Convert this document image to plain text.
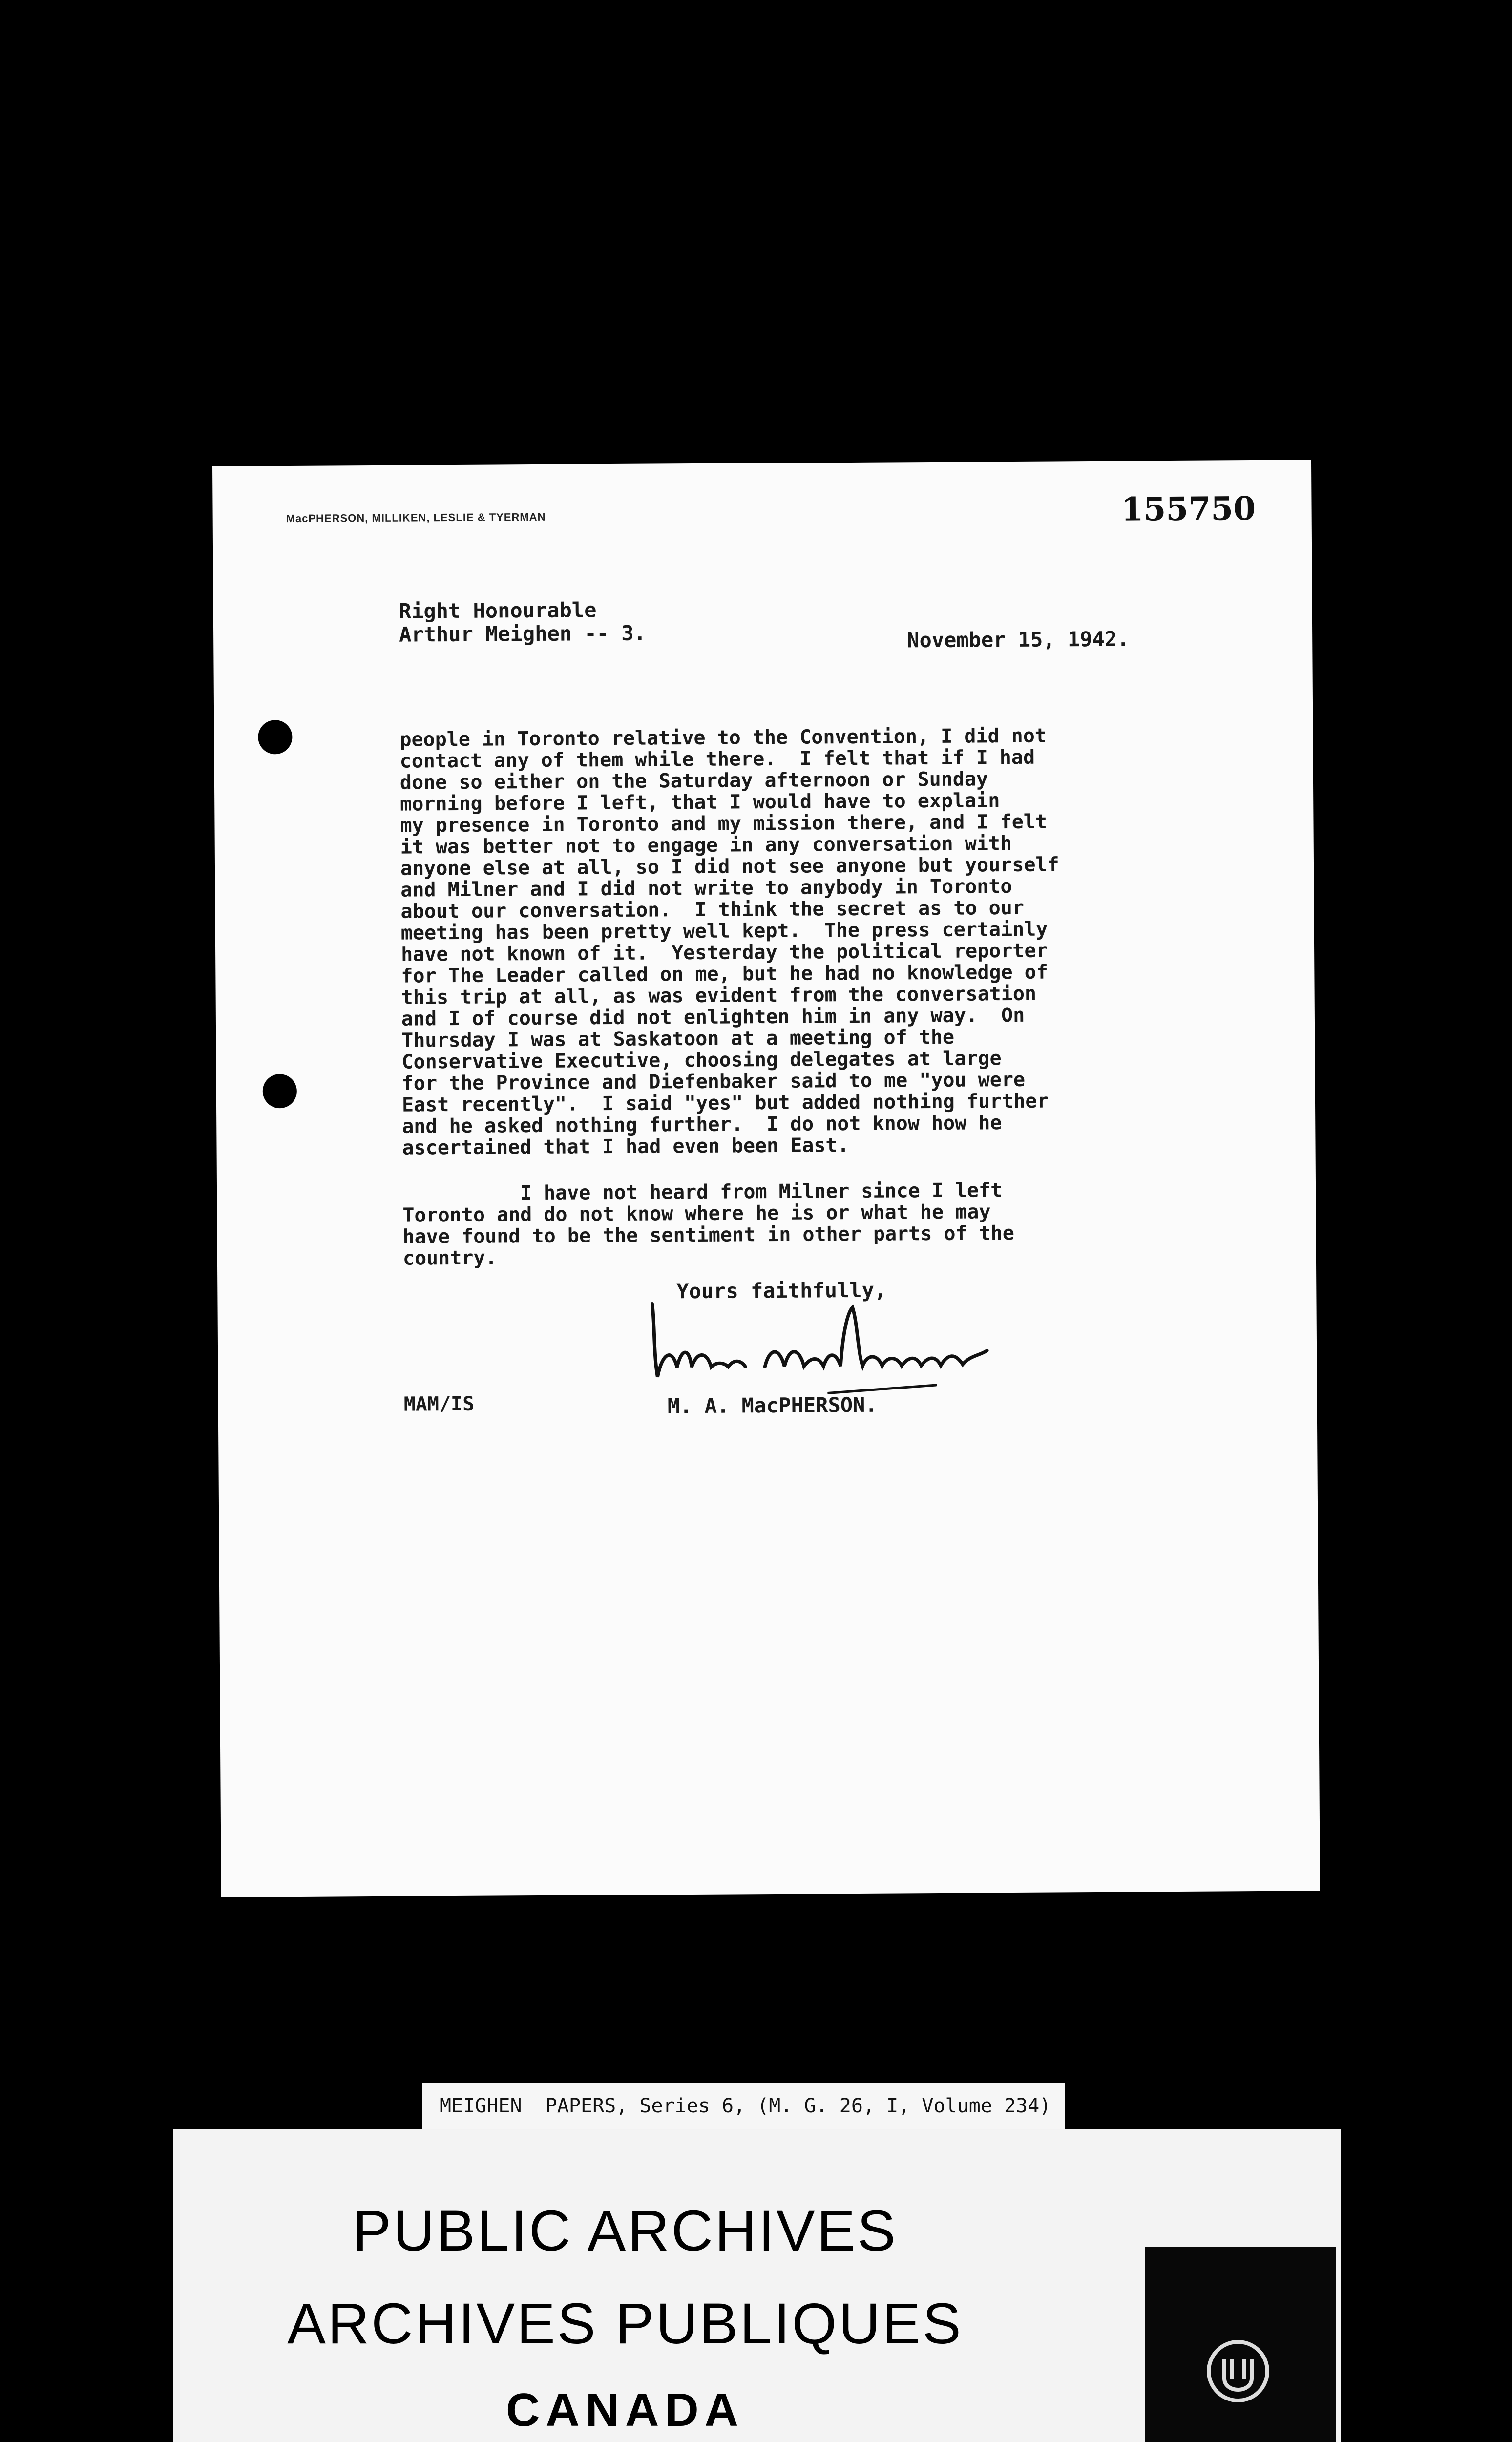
MacPHERSON, MILLIKEN, LESLIE & TYERMAN	155750
Right Honourable
Arthur Meighen -- 3.	November 15, 1942.
people in Toronto relative to the Convention, I did not
contact any of them while there.  I felt that if I had
done so either on the Saturday afternoon or Sunday
morning before I left, that I would have to explain
my presence in Toronto and my mission there, and I felt
it was better not to engage in any conversation with
anyone else at all, so I did not see anyone but yourself
and Milner and I did not write to anybody in Toronto
about our conversation.  I think the secret as to our
meeting has been pretty well kept.  The press certainly
have not known of it.  Yesterday the political reporter
for The Leader called on me, but he had no knowledge of
this trip at all, as was evident from the conversation
and I of course did not enlighten him in any way.  On
Thursday I was at Saskatoon at a meeting of the
Conservative Executive, choosing delegates at large
for the Province and Diefenbaker said to me "you were
East recently".  I said "yes" but added nothing further
and he asked nothing further.  I do not know how he
ascertained that I had even been East.
I have not heard from Milner since I left
Toronto and do not know where he is or what he may
have found to be the sentiment in other parts of the
country.
Yours faithfully,
MAM/IS	M. A. MacPHERSON.
MEIGHEN  PAPERS, Series 6, (M. G. 26, I, Volume 234)
PUBLIC ARCHIVES
ARCHIVES PUBLIQUES
CANADA
